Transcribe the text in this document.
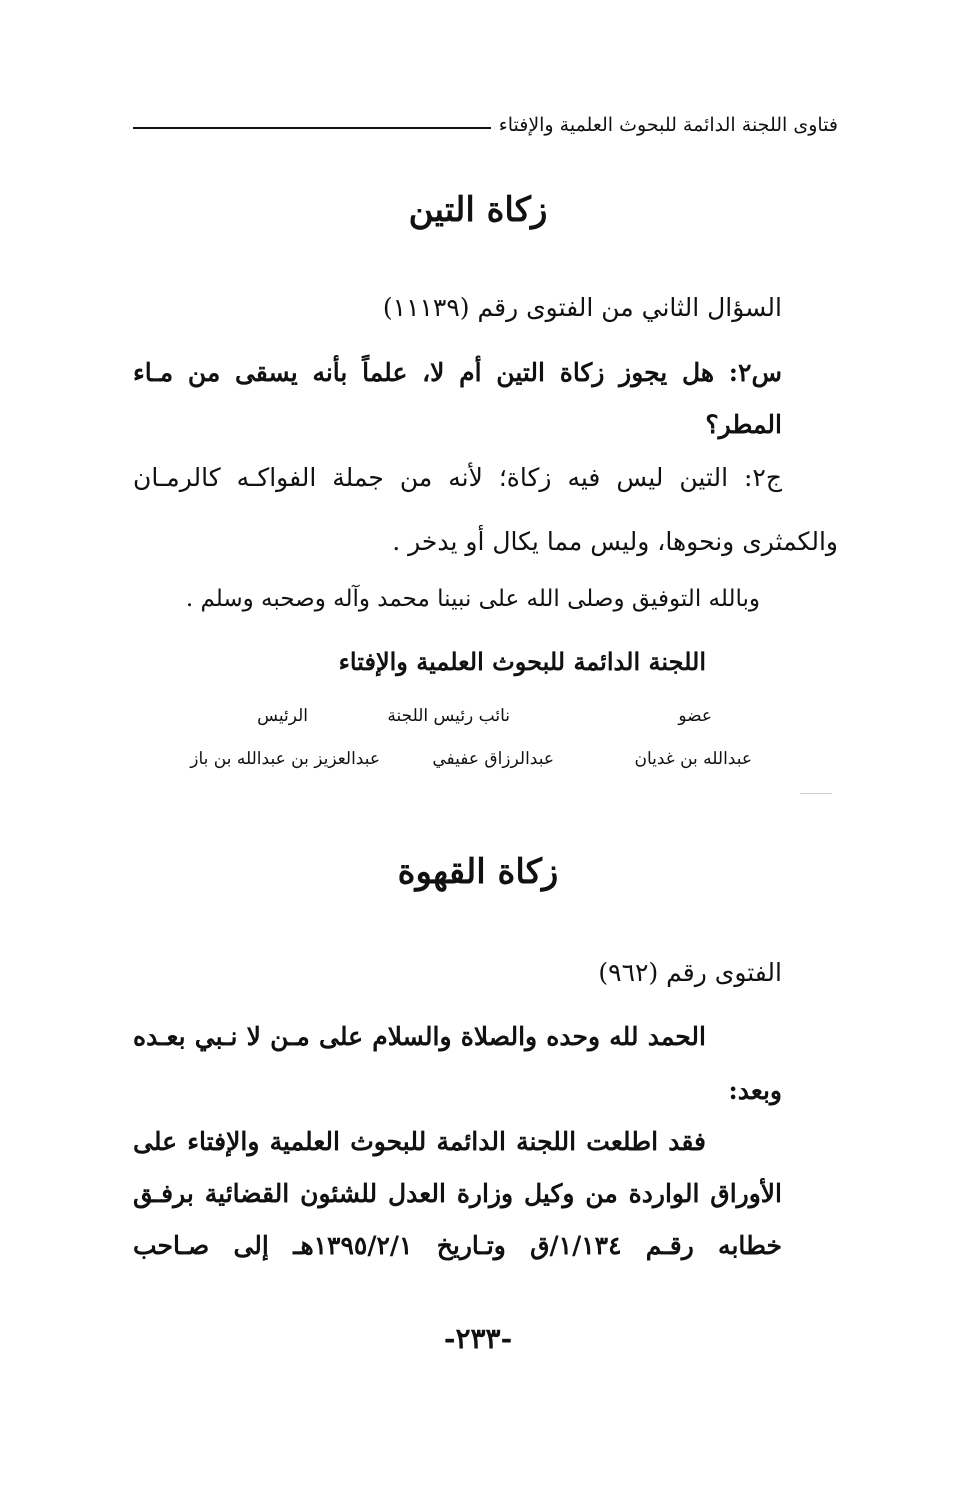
فتاوى اللجنة الدائمة للبحوث العلمية والإفتاء
زكاة التين
السؤال الثاني من الفتوى رقم (١١١٣٩)
س٢: هل يجوز زكاة التين أم لا، علماً بأنه يسقى من مـاء
المطر؟
ج٢: التين ليس فيه زكاة؛ لأنه من جملة الفواكـه كالرمـان
والكمثرى ونحوها، وليس مما يكال أو يدخر .
وبالله التوفيق وصلى الله على نبينا محمد وآله وصحبه وسلم .
اللجنة الدائمة للبحوث العلمية والإفتاء
عضو
نائب رئيس اللجنة
الرئيس
عبدالله بن غديان
عبدالرزاق عفيفي
عبدالعزيز بن عبدالله بن باز
زكاة القهوة
الفتوى رقم (٩٦٢)
الحمد لله وحده والصلاة والسلام على مـن لا نـبي بعـده
وبعد:
فقد اطلعت اللجنة الدائمة للبحوث العلمية والإفتاء على
الأوراق الواردة من وكيل وزارة العدل للشئون القضائية برفـق
خطابه رقـم ١/١٣٤/ق وتـاريخ ١٣٩٥/٢/١هـ إلى صـاحب
-٢٣٣-
